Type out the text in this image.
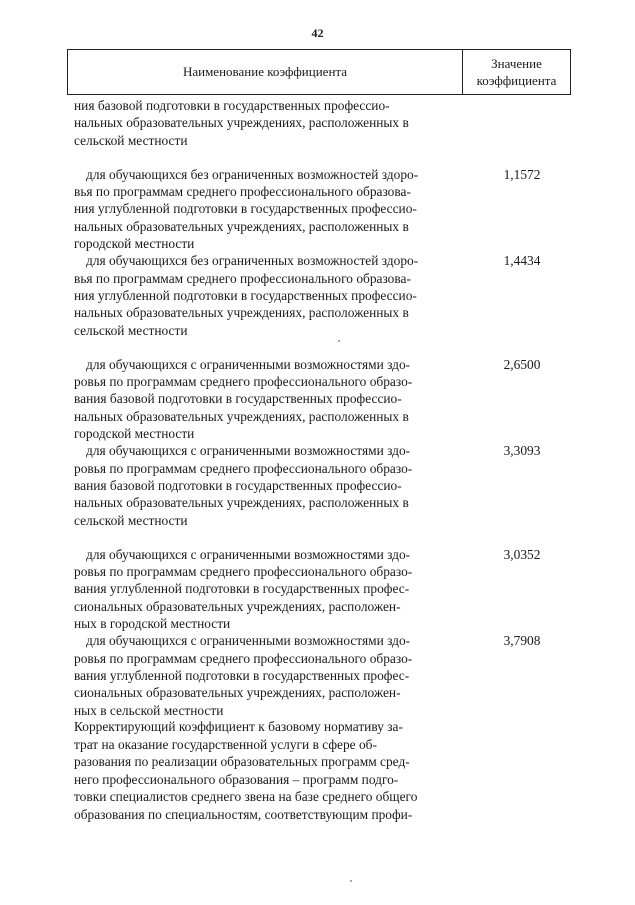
42
Наименование коэффициента
Значение
коэффициента
ния базовой подготовки в государственных профессио-
нальных образовательных учреждениях, расположенных в
сельской местности
для обучающихся без ограниченных возможностей здоро-
вья по программам среднего профессионального образова-
ния углубленной подготовки в государственных профессио-
нальных образовательных учреждениях, расположенных в
городской местности
1,1572
для обучающихся без ограниченных возможностей здоро-
вья по программам среднего профессионального образова-
ния углубленной подготовки в государственных профессио-
нальных образовательных учреждениях, расположенных в
сельской местности
1,4434
для обучающихся с ограниченными возможностями здо-
ровья по программам среднего профессионального образо-
вания базовой подготовки в государственных профессио-
нальных образовательных учреждениях, расположенных в
городской местности
2,6500
для обучающихся с ограниченными возможностями здо-
ровья по программам среднего профессионального образо-
вания базовой подготовки в государственных профессио-
нальных образовательных учреждениях, расположенных в
сельской местности
3,3093
для обучающихся с ограниченными возможностями здо-
ровья по программам среднего профессионального образо-
вания углубленной подготовки в государственных профес-
сиональных образовательных учреждениях, расположен-
ных в городской местности
3,0352
для обучающихся с ограниченными возможностями здо-
ровья по программам среднего профессионального образо-
вания углубленной подготовки в государственных профес-
сиональных образовательных учреждениях, расположен-
ных в сельской местности
3,7908
Корректирующий коэффициент к базовому нормативу за-
трат на оказание государственной услуги в сфере об-
разования по реализации образовательных программ сред-
него профессионального образования – программ подго-
товки специалистов среднего звена на базе среднего общего
образования по специальностям, соответствующим профи-
